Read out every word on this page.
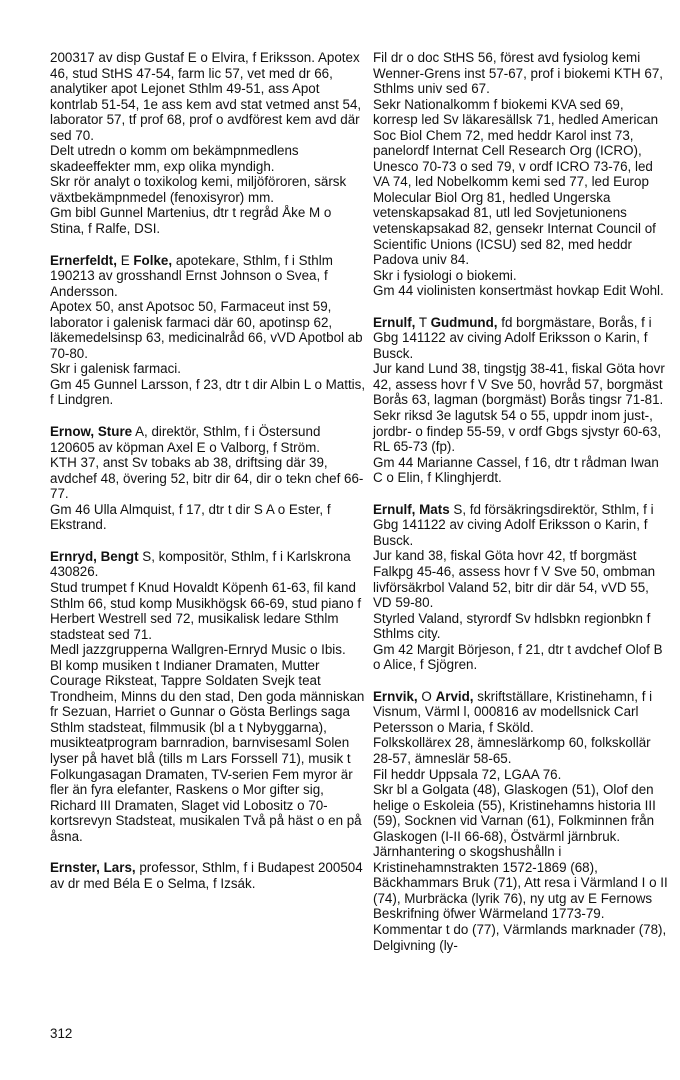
200317 av disp Gustaf E o Elvira, f Eriksson. Apotex 46, stud StHS 47-54, farm lic 57, vet med dr 66, analytiker apot Lejonet Sthlm 49-51, ass Apot kontrlab 51-54, 1e ass kem avd stat vetmed anst 54, laborator 57, tf prof 68, prof o avdförest kem avd där sed 70.

Delt utredn o komm om bekämpnmedlens skadeeffekter mm, exp olika myndigh.

Skr rör analyt o toxikolog kemi, miljöföroren, särsk växtbekämpnmedel (fenoxisyror) mm.

Gm bibl Gunnel Martenius, dtr t regråd Åke M o Stina, f Ralfe, DSI.

Ernerfeldt, E Folke, apotekare, Sthlm, f i Sthlm 190213 av grosshandl Ernst Johnson o Svea, f Andersson.

Apotex 50, anst Apotsoc 50, Farmaceut inst 59, laborator i galenisk farmaci där 60, apotinsp 62, läkemedelsinsp 63, medicinalråd 66, vVD Apotbol ab 70-80.

Skr i galenisk farmaci.

Gm 45 Gunnel Larsson, f 23, dtr t dir Albin L o Mattis, f Lindgren.

Ernow, Sture A, direktör, Sthlm, f i Östersund 120605 av köpman Axel E o Valborg, f Ström.

KTH 37, anst Sv tobaks ab 38, driftsing där 39, avdchef 48, övering 52, bitr dir 64, dir o tekn chef 66-77.

Gm 46 Ulla Almquist, f 17, dtr t dir S A o Ester, f Ekstrand.

Ernryd, Bengt S, kompositör, Sthlm, f i Karlskrona 430826.

Stud trumpet f Knud Hovaldt Köpenh 61-63, fil kand Sthlm 66, stud komp Musikhögsk 66-69, stud piano f Herbert Westrell sed 72, musikalisk ledare Sthlm stadsteat sed 71.

Medl jazzgrupperna Wallgren-Ernryd Music o Ibis.

Bl komp musiken t Indianer Dramaten, Mutter Courage Riksteat, Tappre Soldaten Svejk teat Trondheim, Minns du den stad, Den goda människan fr Sezuan, Harriet o Gunnar o Gösta Berlings saga Sthlm stadsteat, filmmusik (bl a t Nybyggarna), musikteatprogram barnradion, barnvisesaml Solen lyser på havet blå (tills m Lars Forssell 71), musik t Folkungasagan Dramaten, TV-serien Fem myror är fler än fyra elefanter, Raskens o Mor gifter sig, Richard III Dramaten, Slaget vid Lobositz o 70-kortsrevyn Stadsteat, musikalen Två på häst o en på åsna.

Ernster, Lars, professor, Sthlm, f i Budapest 200504 av dr med Béla E o Selma, f Izsák.

Fil dr o doc StHS 56, förest avd fysiolog kemi Wenner-Grens inst 57-67, prof i biokemi KTH 67, Sthlms univ sed 67.

Sekr Nationalkomm f biokemi KVA sed 69, korresp led Sv läkaresällsk 71, hedled American Soc Biol Chem 72, med heddr Karol inst 73, panelordf Internat Cell Research Org (ICRO), Unesco 70-73 o sed 79, v ordf ICRO 73-76, led VA 74, led Nobelkomm kemi sed 77, led Europ Molecular Biol Org 81, hedled Ungerska vetenskapsakad 81, utl led Sovjetunionens vetenskapsakad 82, gensekr Internat Council of Scientific Unions (ICSU) sed 82, med heddr Padova univ 84.

Skr i fysiologi o biokemi.

Gm 44 violinisten konsertmäst hovkap Edit Wohl.

Ernulf, T Gudmund, fd borgmästare, Borås, f i Gbg 141122 av civing Adolf Eriksson o Karin, f Busck.

Jur kand Lund 38, tingstjg 38-41, fiskal Göta hovr 42, assess hovr f V Sve 50, hovråd 57, borgmäst Borås 63, lagman (borgmäst) Borås tingsr 71-81.

Sekr riksd 3e lagutsk 54 o 55, uppdr inom just-, jordbr- o findep 55-59, v ordf Gbgs sjvstyr 60-63, RL 65-73 (fp).

Gm 44 Marianne Cassel, f 16, dtr t rådman Iwan C o Elin, f Klinghjerdt.

Ernulf, Mats S, fd försäkringsdirektör, Sthlm, f i Gbg 141122 av civing Adolf Eriksson o Karin, f Busck.

Jur kand 38, fiskal Göta hovr 42, tf borgmäst Falkpg 45-46, assess hovr f V Sve 50, ombman livförsäkrbol Valand 52, bitr dir där 54, vVD 55, VD 59-80.

Styrled Valand, styrordf Sv hdlsbkn regionbkn f Sthlms city.

Gm 42 Margit Börjeson, f 21, dtr t avdchef Olof B o Alice, f Sjögren.

Ernvik, O Arvid, skriftställare, Kristinehamn, f i Visnum, Värml l, 000816 av modellsnick Carl Petersson o Maria, f Sköld.

Folkskollärex 28, ämneslärkomp 60, folkskollär 28-57, ämneslär 58-65.

Fil heddr Uppsala 72, LGAA 76.

Skr bl a Golgata (48), Glaskogen (51), Olof den helige o Eskoleia (55), Kristinehamns historia III (59), Socknen vid Varnan (61), Folkminnen från Glaskogen (I-II 66-68), Östvärml järnbruk. Järnhantering o skogshushålln i Kristinehamnstrakten 1572-1869 (68), Bäckhammars Bruk (71), Att resa i Värmland I o II (74), Murbräcka (lyrik 76), ny utg av E Fernows Beskrifning öfwer Wärmeland 1773-79. Kommentar t do (77), Värmlands marknader (78), Delgivning (ly-

312
